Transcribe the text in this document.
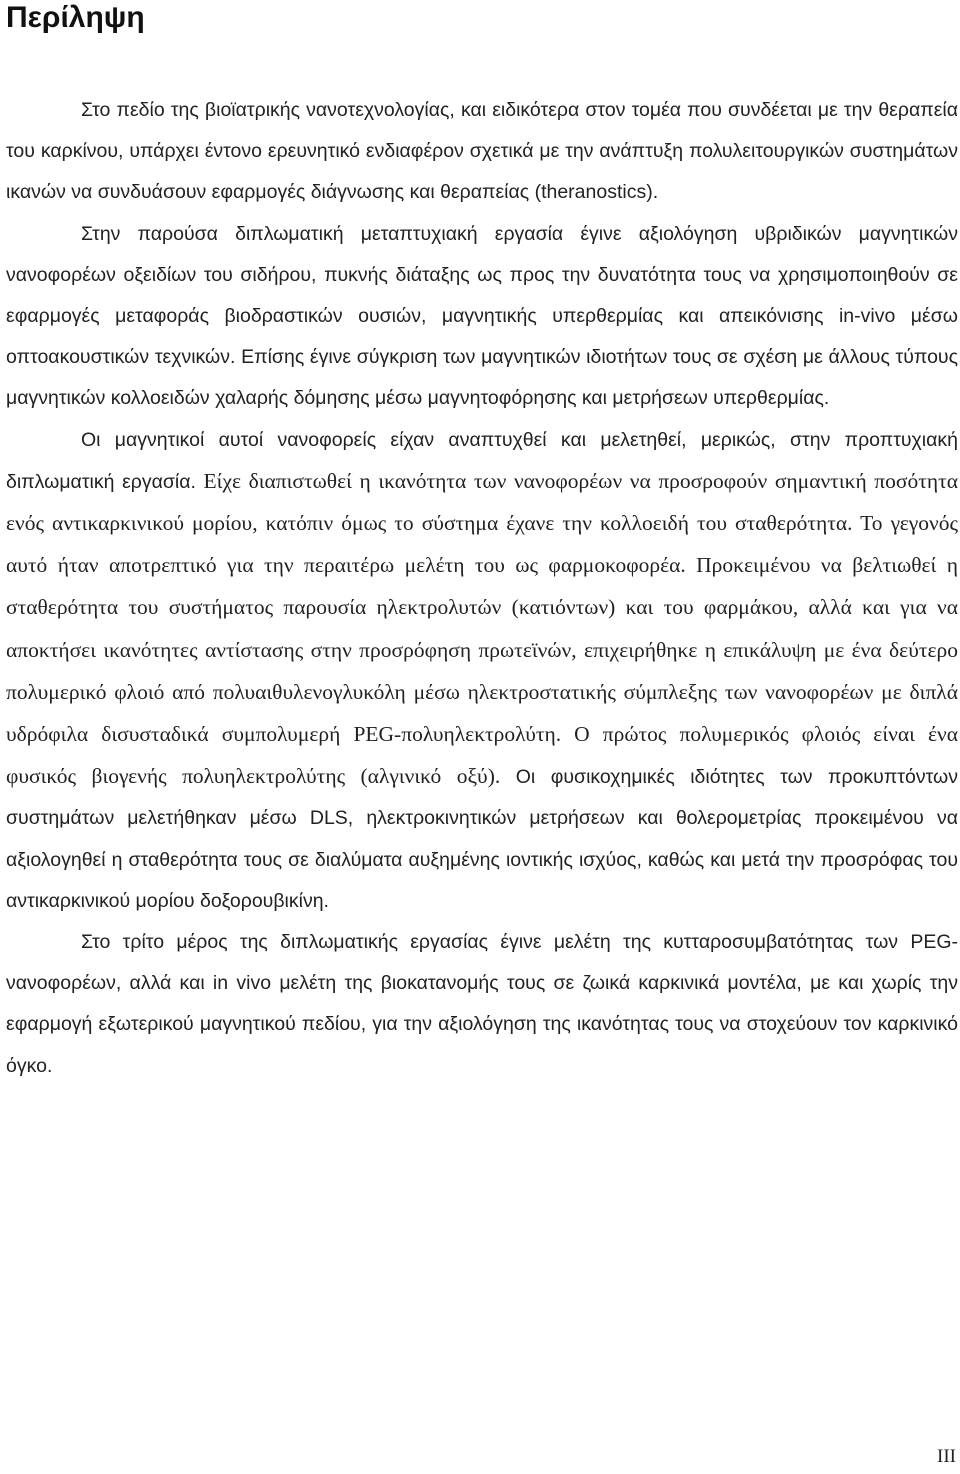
Περίληψη

Στο πεδίο της βιοϊατρικής νανοτεχνολογίας, και ειδικότερα στον τομέα που συνδέεται με την θεραπεία του καρκίνου, υπάρχει έντονο ερευνητικό ενδιαφέρον σχετικά με την ανάπτυξη πολυλειτουργικών συστημάτων ικανών να συνδυάσουν εφαρμογές διάγνωσης και θεραπείας (theranostics).

Στην παρούσα διπλωματική μεταπτυχιακή εργασία έγινε αξιολόγηση υβριδικών μαγνητικών νανοφορέων οξειδίων του σιδήρου, πυκνής διάταξης ως προς την δυνατότητα τους να χρησιμοποιηθούν σε εφαρμογές μεταφοράς βιοδραστικών ουσιών, μαγνητικής υπερθερμίας και απεικόνισης in-vivo μέσω οπτοακουστικών τεχνικών. Επίσης έγινε σύγκριση των μαγνητικών ιδιοτήτων τους σε σχέση με άλλους τύπους μαγνητικών κολλοειδών χαλαρής δόμησης μέσω μαγνητοφόρησης και μετρήσεων υπερθερμίας.

Οι μαγνητικοί αυτοί νανοφορείς είχαν αναπτυχθεί και μελετηθεί, μερικώς, στην προπτυχιακή διπλωματική εργασία. Είχε διαπιστωθεί η ικανότητα των νανοφορέων να προσροφούν σημαντική ποσότητα ενός αντικαρκινικού μορίου, κατόπιν όμως το σύστημα έχανε την κολλοειδή του σταθερότητα. Το γεγονός αυτό ήταν αποτρεπτικό για την περαιτέρω μελέτη του ως φαρμοκοφορέα. Προκειμένου να βελτιωθεί η σταθερότητα του συστήματος παρουσία ηλεκτρολυτών (κατιόντων) και του φαρμάκου, αλλά και για να αποκτήσει ικανότητες αντίστασης στην προσρόφηση πρωτεϊνών, επιχειρήθηκε η επικάλυψη με ένα δεύτερο πολυμερικό φλοιό από πολυαιθυλενογλυκόλη μέσω ηλεκτροστατικής σύμπλεξης των νανοφορέων με διπλά υδρόφιλα δισυσταδικά συμπολυμερή PEG-πολυηλεκτρολύτη. Ο πρώτος πολυμερικός φλοιός είναι ένα φυσικός βιογενής πολυηλεκτρολύτης (αλγινικό οξύ). Οι φυσικοχημικές ιδιότητες των προκυπτόντων συστημάτων μελετήθηκαν μέσω DLS, ηλεκτροκινητικών μετρήσεων και θολερομετρίας προκειμένου να αξιολογηθεί η σταθερότητα τους σε διαλύματα αυξημένης ιοντικής ισχύος, καθώς και μετά την προσρόφας του αντικαρκινικού μορίου δοξορουβικίνη.

Στο τρίτο μέρος της διπλωματικής εργασίας έγινε μελέτη της κυτταροσυμβατότητας των PEG-νανοφορέων, αλλά και in vivo μελέτη της βιοκατανομής τους σε ζωικά καρκινικά μοντέλα, με και χωρίς την εφαρμογή εξωτερικού μαγνητικού πεδίου, για την αξιολόγηση της ικανότητας τους να στοχεύουν τον καρκινικό όγκο.

III
